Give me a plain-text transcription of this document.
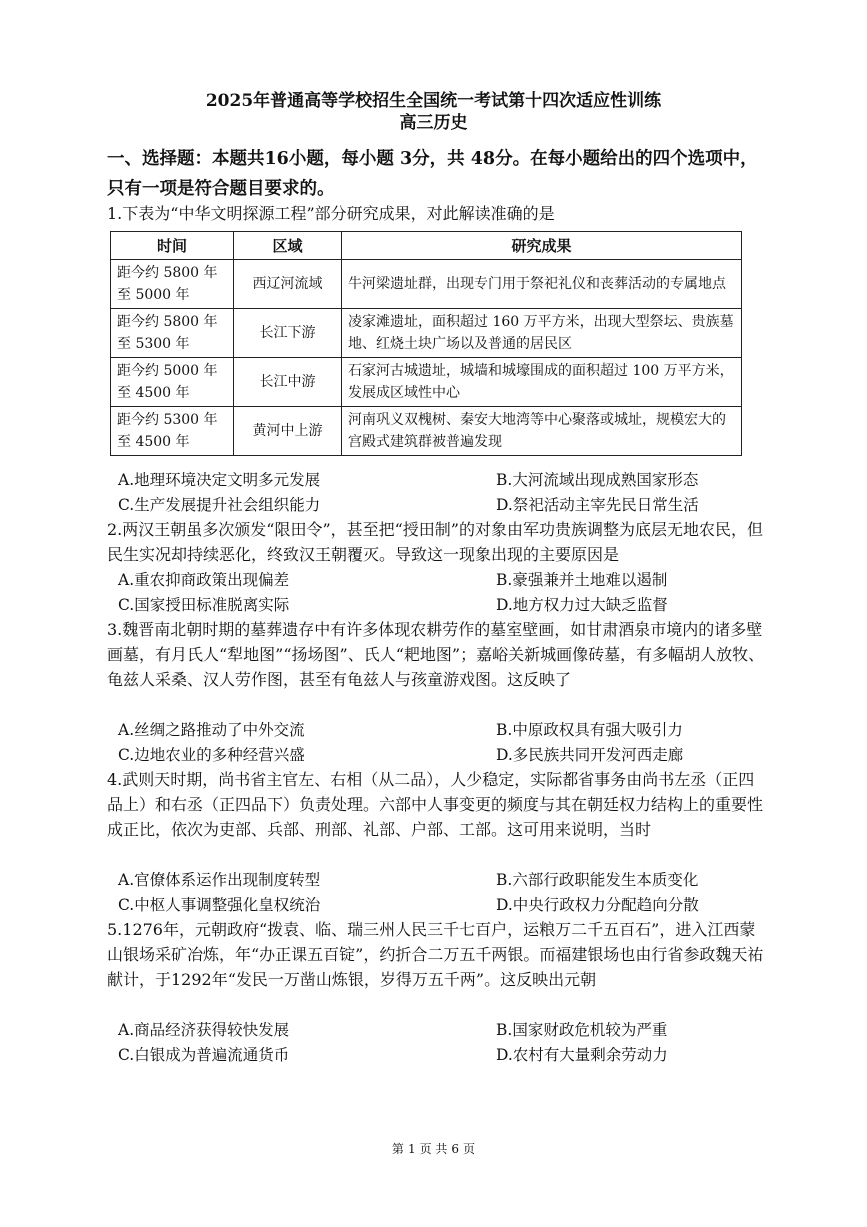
2025年普通高等学校招生全国统一考试第十四次适应性训练
高三历史
一、选择题：本题共16小题，每小题 3分，共 48分。在每小题给出的四个选项中，只有一项是符合题目要求的。
1.下表为“中华文明探源工程”部分研究成果，对此解读准确的是
时间	区域	研究成果
距今约 5800 年至 5000 年	西辽河流域	牛河梁遗址群，出现专门用于祭祀礼仪和丧葬活动的专属地点
距今约 5800 年至 5300 年	长江下游	凌家滩遗址，面积超过 160 万平方米，出现大型祭坛、贵族墓地、红烧土块广场以及普通的居民区
距今约 5000 年至 4500 年	长江中游	石家河古城遗址，城墙和城壕围成的面积超过 100 万平方米，发展成区域性中心
距今约 5300 年至 4500 年	黄河中上游	河南巩义双槐树、秦安大地湾等中心聚落或城址，规模宏大的宫殿式建筑群被普遍发现
A.地理环境决定文明多元发展	B.大河流域出现成熟国家形态
C.生产发展提升社会组织能力	D.祭祀活动主宰先民日常生活
2.两汉王朝虽多次颁发“限田令”，甚至把“授田制”的对象由军功贵族调整为底层无地农民，但民生实况却持续恶化，终致汉王朝覆灭。导致这一现象出现的主要原因是
A.重农抑商政策出现偏差	B.豪强兼并土地难以遏制
C.国家授田标准脱离实际	D.地方权力过大缺乏监督
3.魏晋南北朝时期的墓葬遗存中有许多体现农耕劳作的墓室壁画，如甘肃酒泉市境内的诸多壁画墓，有月氏人“犁地图”“扬场图”、氏人“耙地图”；嘉峪关新城画像砖墓，有多幅胡人放牧、龟兹人采桑、汉人劳作图，甚至有龟兹人与孩童游戏图。这反映了
A.丝绸之路推动了中外交流	B.中原政权具有强大吸引力
C.边地农业的多种经营兴盛	D.多民族共同开发河西走廊
4.武则天时期，尚书省主官左、右相（从二品），人少稳定，实际都省事务由尚书左丞（正四品上）和右丞（正四品下）负责处理。六部中人事变更的频度与其在朝廷权力结构上的重要性成正比，依次为吏部、兵部、刑部、礼部、户部、工部。这可用来说明，当时
A.官僚体系运作出现制度转型	B.六部行政职能发生本质变化
C.中枢人事调整强化皇权统治	D.中央行政权力分配趋向分散
5.1276年，元朝政府“拨袁、临、瑞三州人民三千七百户，运粮万二千五百石”，进入江西蒙山银场采矿冶炼，年“办正课五百锭”，约折合二万五千两银。而福建银场也由行省参政魏天祐献计，于1292年“发民一万凿山炼银，岁得万五千两”。这反映出元朝
A.商品经济获得较快发展	B.国家财政危机较为严重
C.白银成为普遍流通货币	D.农村有大量剩余劳动力
第 1 页 共 6 页
